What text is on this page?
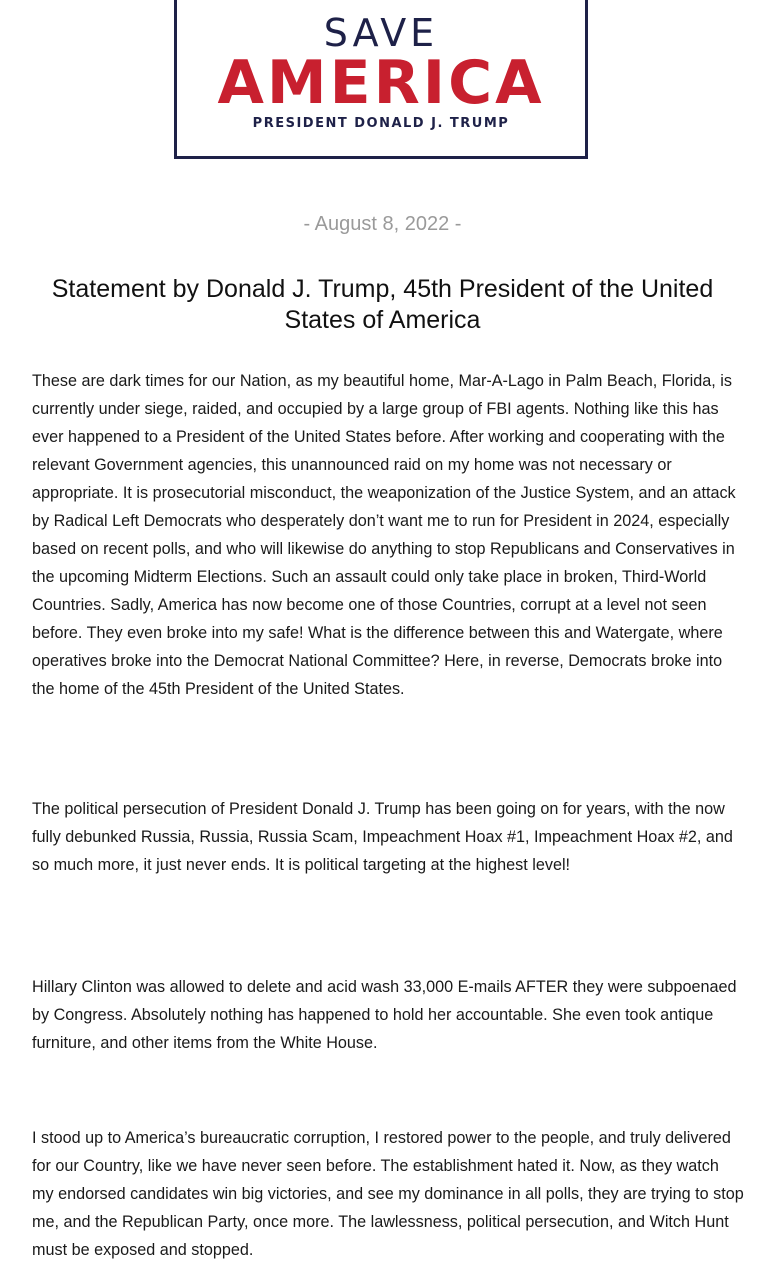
SAVE
AMERICA
PRESIDENT DONALD J. TRUMP
- August 8, 2022 -
Statement by Donald J. Trump, 45th President of the United States of America

These are dark times for our Nation, as my beautiful home, Mar-A-Lago in Palm Beach, Florida, is currently under siege, raided, and occupied by a large group of FBI agents. Nothing like this has ever happened to a President of the United States before. After working and cooperating with the relevant Government agencies, this unannounced raid on my home was not necessary or appropriate. It is prosecutorial misconduct, the weaponization of the Justice System, and an attack by Radical Left Democrats who desperately don’t want me to run for President in 2024, especially based on recent polls, and who will likewise do anything to stop Republicans and Conservatives in the upcoming Midterm Elections. Such an assault could only take place in broken, Third-World Countries. Sadly, America has now become one of those Countries, corrupt at a level not seen before. They even broke into my safe! What is the difference between this and Watergate, where operatives broke into the Democrat National Committee? Here, in reverse, Democrats broke into the home of the 45th President of the United States.

The political persecution of President Donald J. Trump has been going on for years, with the now fully debunked Russia, Russia, Russia Scam, Impeachment Hoax #1, Impeachment Hoax #2, and so much more, it just never ends. It is political targeting at the highest level!

Hillary Clinton was allowed to delete and acid wash 33,000 E-mails AFTER they were subpoenaed by Congress. Absolutely nothing has happened to hold her accountable. She even took antique furniture, and other items from the White House.

I stood up to America’s bureaucratic corruption, I restored power to the people, and truly delivered for our Country, like we have never seen before. The establishment hated it. Now, as they watch my endorsed candidates win big victories, and see my dominance in all polls, they are trying to stop me, and the Republican Party, once more. The lawlessness, political persecution, and Witch Hunt must be exposed and stopped.
